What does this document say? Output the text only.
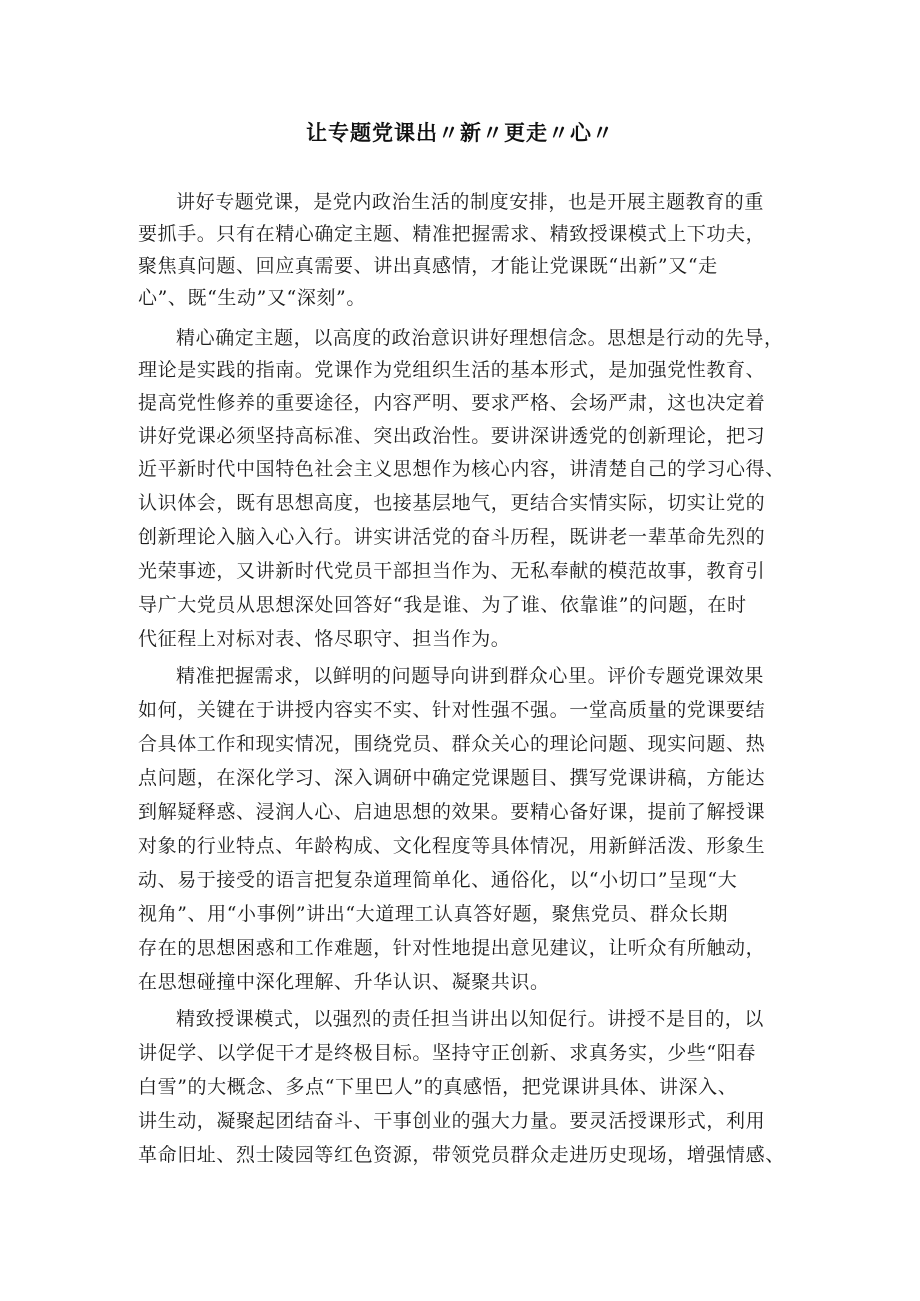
让专题党课出〃新〃更走〃心〃
讲好专题党课，是党内政治生活的制度安排，也是开展主题教育的重
要抓手。只有在精心确定主题、精准把握需求、精致授课模式上下功夫，
聚焦真问题、回应真需要、讲出真感情，才能让党课既“出新”又“走
心”、既“生动”又“深刻”。
精心确定主题，以高度的政治意识讲好理想信念。思想是行动的先导，
理论是实践的指南。党课作为党组织生活的基本形式，是加强党性教育、
提高党性修养的重要途径，内容严明、要求严格、会场严肃，这也决定着
讲好党课必须坚持高标准、突出政治性。要讲深讲透党的创新理论，把习
近平新时代中国特色社会主义思想作为核心内容，讲清楚自己的学习心得、
认识体会，既有思想高度，也接基层地气，更结合实情实际，切实让党的
创新理论入脑入心入行。讲实讲活党的奋斗历程，既讲老一辈革命先烈的
光荣事迹，又讲新时代党员干部担当作为、无私奉献的模范故事，教育引
导广大党员从思想深处回答好“我是谁、为了谁、依靠谁”的问题，在时
代征程上对标对表、恪尽职守、担当作为。
精准把握需求，以鲜明的问题导向讲到群众心里。评价专题党课效果
如何，关键在于讲授内容实不实、针对性强不强。一堂高质量的党课要结
合具体工作和现实情况，围绕党员、群众关心的理论问题、现实问题、热
点问题，在深化学习、深入调研中确定党课题目、撰写党课讲稿，方能达
到解疑释惑、浸润人心、启迪思想的效果。要精心备好课，提前了解授课
对象的行业特点、年龄构成、文化程度等具体情况，用新鲜活泼、形象生
动、易于接受的语言把复杂道理简单化、通俗化，以“小切口”呈现“大
视角”、用“小事例”讲出“大道理工认真答好题，聚焦党员、群众长期
存在的思想困惑和工作难题，针对性地提出意见建议，让听众有所触动，
在思想碰撞中深化理解、升华认识、凝聚共识。
精致授课模式，以强烈的责任担当讲出以知促行。讲授不是目的，以
讲促学、以学促干才是终极目标。坚持守正创新、求真务实，少些“阳春
白雪”的大概念、多点“下里巴人”的真感悟，把党课讲具体、讲深入、
讲生动，凝聚起团结奋斗、干事创业的强大力量。要灵活授课形式，利用
革命旧址、烈士陵园等红色资源，带领党员群众走进历史现场，增强情感、
